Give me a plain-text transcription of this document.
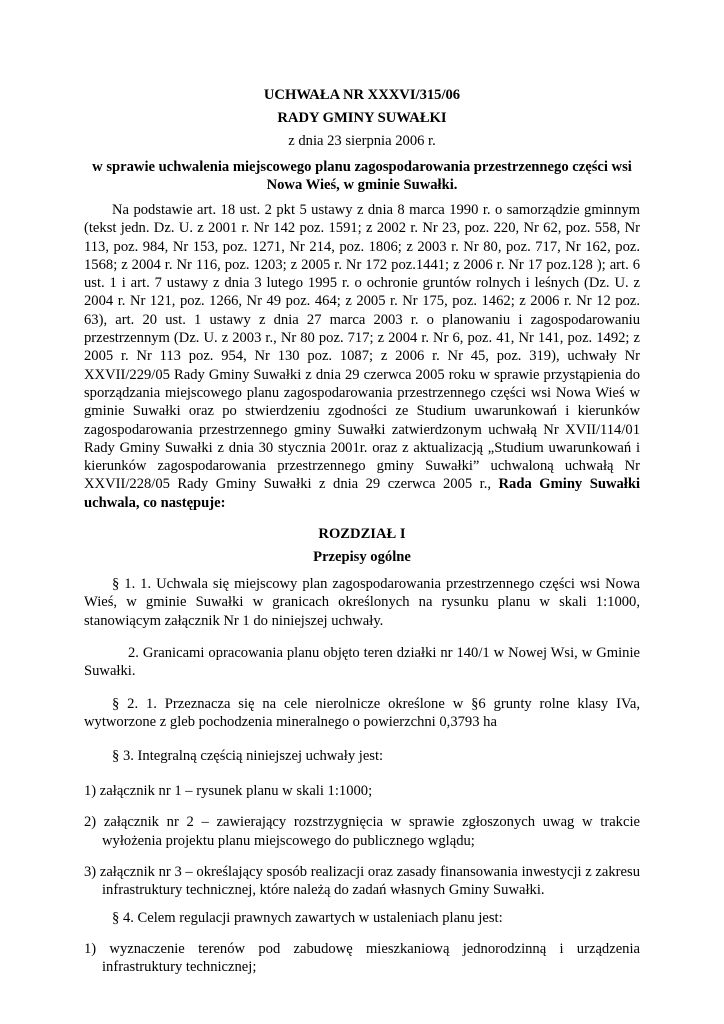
UCHWAŁA NR XXXVI/315/06
RADY GMINY SUWAŁKI
z dnia 23 sierpnia 2006 r.
w sprawie uchwalenia miejscowego planu zagospodarowania przestrzennego części wsi Nowa Wieś, w gminie Suwałki.
Na podstawie art. 18 ust. 2 pkt 5 ustawy z dnia 8 marca 1990 r. o samorządzie gminnym (tekst jedn. Dz. U. z 2001 r. Nr 142 poz. 1591; z 2002 r. Nr 23, poz. 220, Nr 62, poz. 558, Nr 113, poz. 984, Nr 153, poz. 1271, Nr 214, poz. 1806; z 2003 r. Nr 80, poz. 717, Nr 162, poz. 1568; z 2004 r. Nr 116, poz. 1203; z 2005 r. Nr 172 poz.1441; z 2006 r. Nr 17 poz.128 ); art. 6 ust. 1 i art. 7 ustawy z dnia 3 lutego 1995 r. o ochronie gruntów rolnych i leśnych (Dz. U. z 2004 r. Nr 121, poz. 1266, Nr 49 poz. 464; z 2005 r. Nr 175, poz. 1462; z 2006 r. Nr 12 poz. 63), art. 20 ust. 1 ustawy z dnia 27 marca 2003 r. o planowaniu i zagospodarowaniu przestrzennym (Dz. U. z 2003 r., Nr 80 poz. 717; z 2004 r. Nr 6, poz. 41, Nr 141, poz. 1492; z 2005 r. Nr 113 poz. 954, Nr 130 poz. 1087; z 2006 r. Nr 45, poz. 319), uchwały Nr XXVII/229/05 Rady Gminy Suwałki z dnia 29 czerwca 2005 roku w sprawie przystąpienia do sporządzania miejscowego planu zagospodarowania przestrzennego części wsi Nowa Wieś w gminie Suwałki oraz po stwierdzeniu zgodności ze Studium uwarunkowań i kierunków zagospodarowania przestrzennego gminy Suwałki zatwierdzonym uchwałą Nr XVII/114/01 Rady Gminy Suwałki z dnia 30 stycznia 2001r. oraz z aktualizacją „Studium uwarunkowań i kierunków zagospodarowania przestrzennego gminy Suwałki” uchwaloną uchwałą Nr XXVII/228/05 Rady Gminy Suwałki z dnia 29 czerwca 2005 r., Rada Gminy Suwałki uchwala, co następuje:
ROZDZIAŁ I
Przepisy ogólne
§ 1. 1. Uchwala się miejscowy plan zagospodarowania przestrzennego części wsi Nowa Wieś, w gminie Suwałki w granicach określonych na rysunku planu w skali 1:1000, stanowiącym załącznik Nr 1 do niniejszej uchwały.
2. Granicami opracowania planu objęto teren działki nr 140/1 w Nowej Wsi, w Gminie Suwałki.
§ 2. 1. Przeznacza się na cele nierolnicze określone w §6 grunty rolne klasy IVa, wytworzone z gleb pochodzenia mineralnego o powierzchni 0,3793 ha
§ 3. Integralną częścią niniejszej uchwały jest:
1) załącznik nr 1 – rysunek planu w skali 1:1000;
2) załącznik nr 2 – zawierający rozstrzygnięcia w sprawie zgłoszonych uwag w trakcie wyłożenia projektu planu miejscowego do publicznego wglądu;
3) załącznik nr 3 – określający sposób realizacji oraz zasady finansowania inwestycji z zakresu infrastruktury technicznej, które należą do zadań własnych Gminy Suwałki.
§ 4. Celem regulacji prawnych zawartych w ustaleniach planu jest:
1) wyznaczenie terenów pod zabudowę mieszkaniową jednorodzinną i urządzenia infrastruktury technicznej;
